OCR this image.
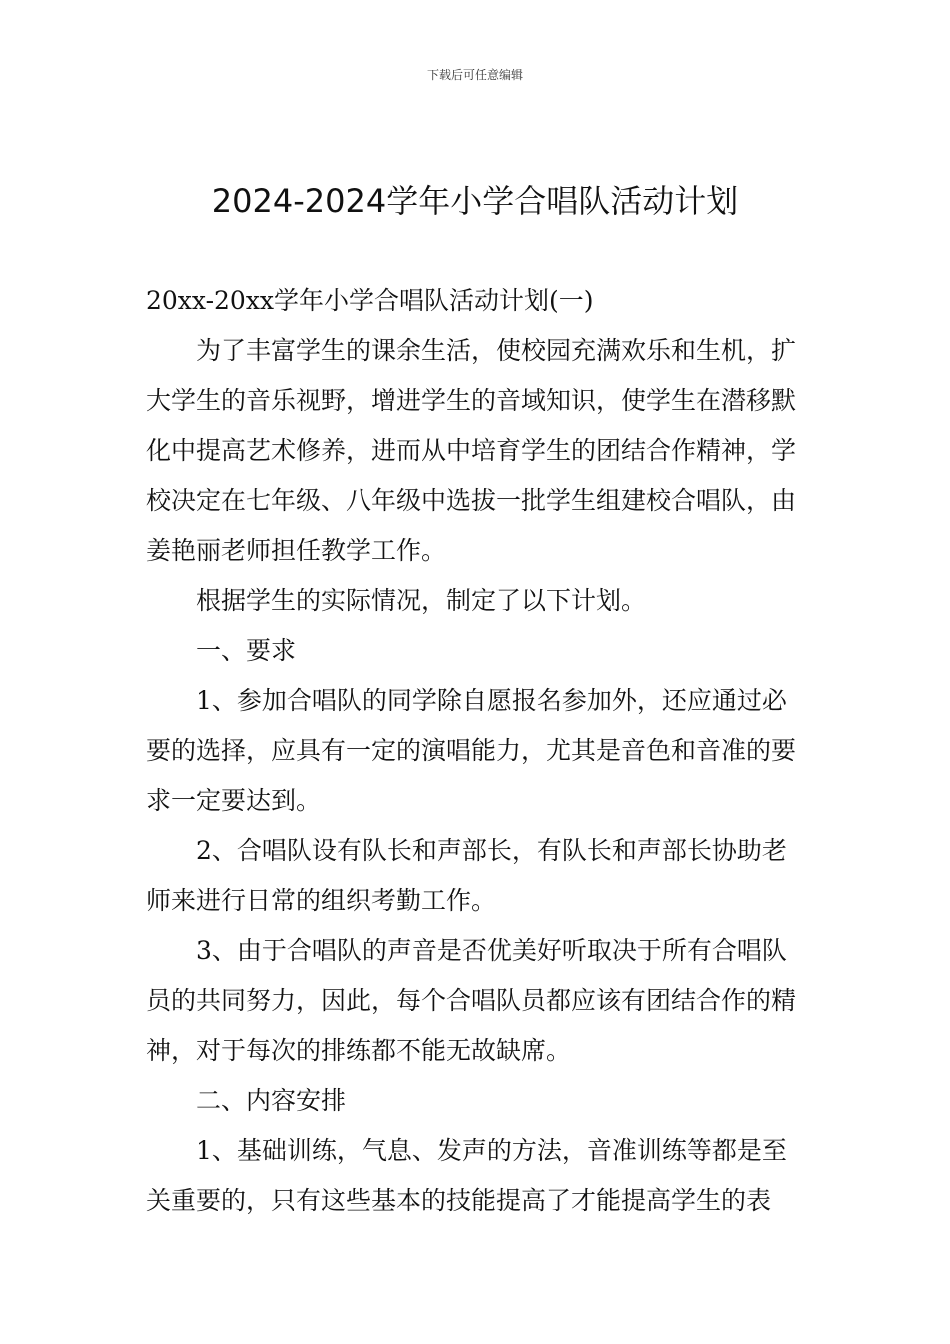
下载后可任意编辑
2024-2024学年小学合唱队活动计划

20xx-20xx学年小学合唱队活动计划(一)

为了丰富学生的课余生活，使校园充满欢乐和生机，扩大学生的音乐视野，增进学生的音域知识，使学生在潜移默化中提高艺术修养，进而从中培育学生的团结合作精神，学校决定在七年级、八年级中选拔一批学生组建校合唱队，由姜艳丽老师担任教学工作。

根据学生的实际情况，制定了以下计划。

一、要求

1、参加合唱队的同学除自愿报名参加外，还应通过必要的选择，应具有一定的演唱能力，尤其是音色和音准的要求一定要达到。

2、合唱队设有队长和声部长，有队长和声部长协助老师来进行日常的组织考勤工作。

3、由于合唱队的声音是否优美好听取决于所有合唱队员的共同努力，因此，每个合唱队员都应该有团结合作的精神，对于每次的排练都不能无故缺席。

二、内容安排

1、基础训练，气息、发声的方法，音准训练等都是至关重要的，只有这些基本的技能提高了才能提高学生的表
